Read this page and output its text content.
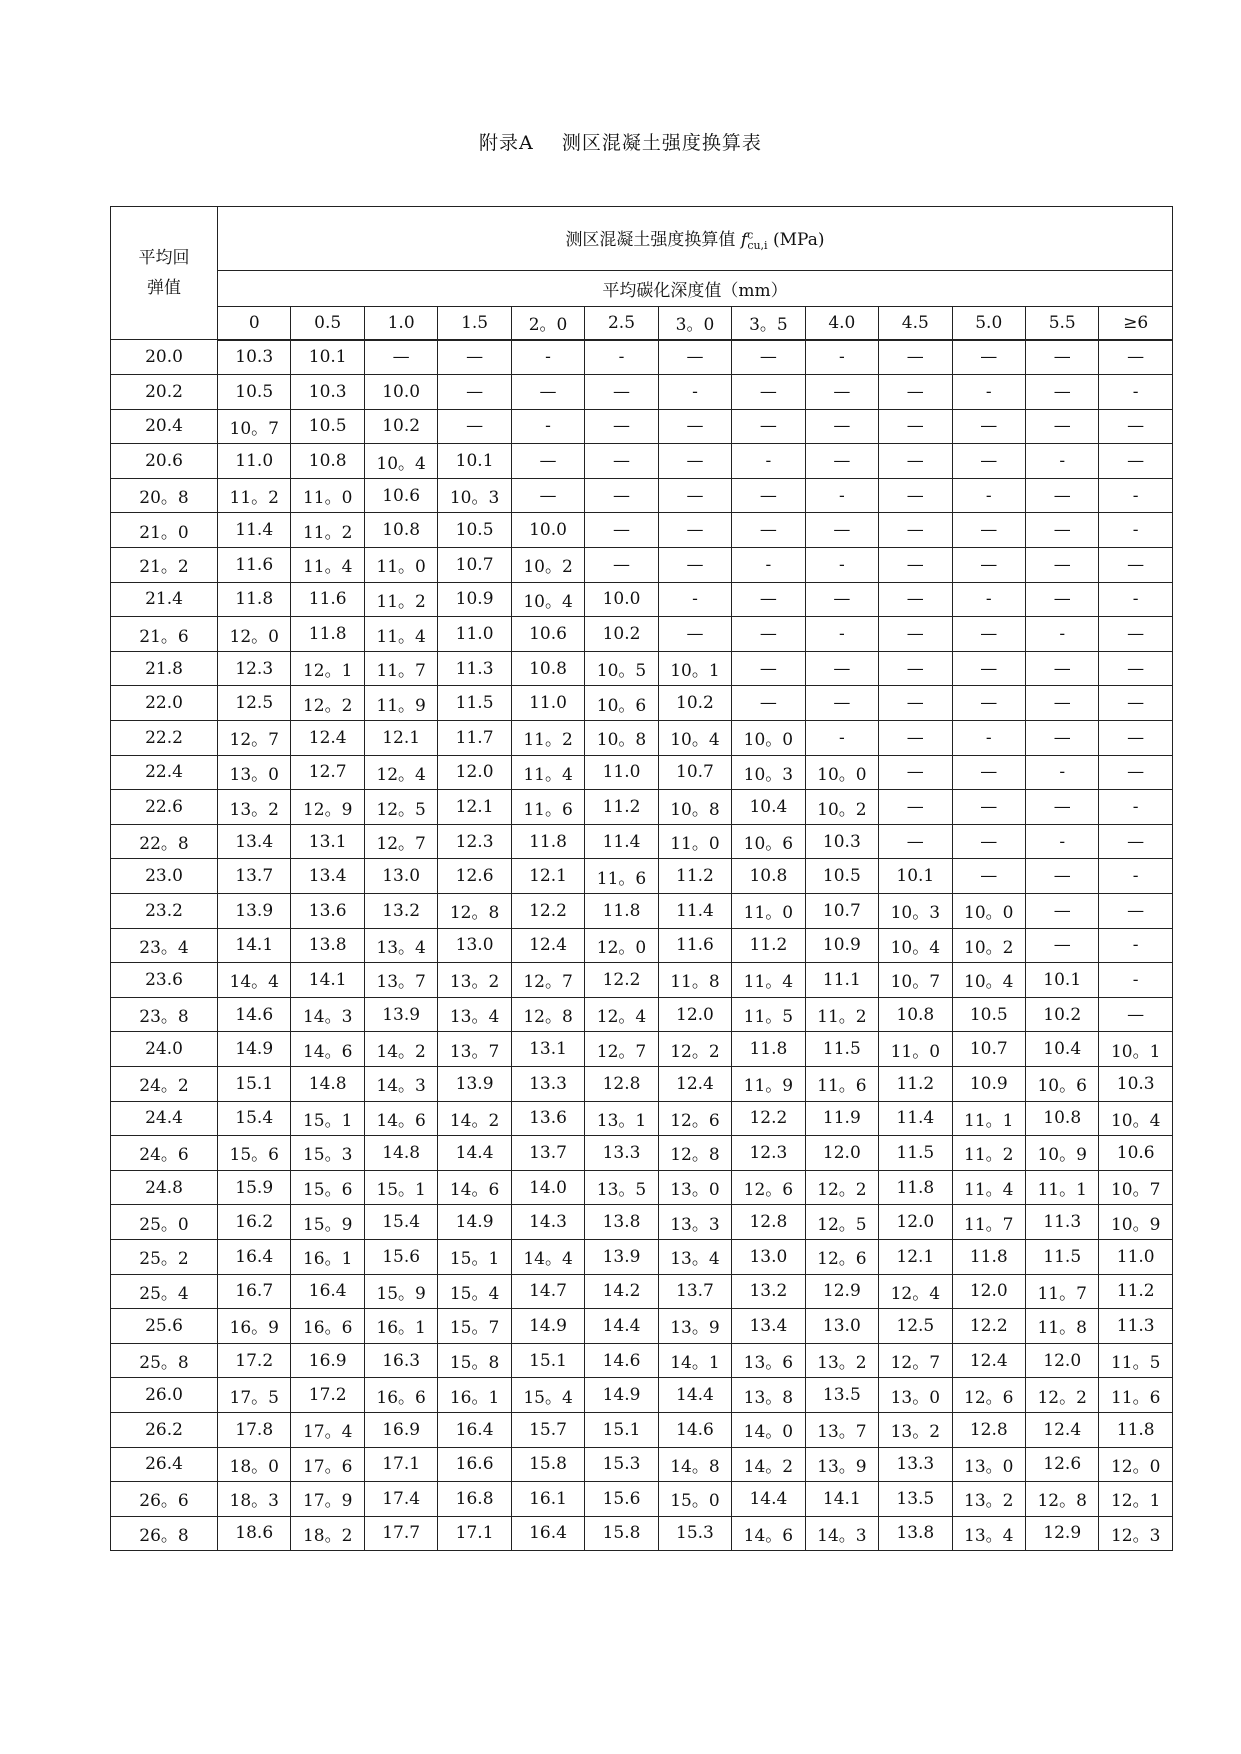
附录A    测区混凝土强度换算表
平均回
弹值	测区混凝土强度换算值 $f^c_{cu,i}$ (MPa)												
	平均碳化深度值（mm）												
	0	0.5	1.0	1.5	2。0	2.5	3。0	3。5	4.0	4.5	5.0	5.5	≥6
20.0	10.3	10.1	—	—	-	-	—	—	-	—	—	—	—
20.2	10.5	10.3	10.0	—	—	—	-	—	—	—	-	—	-
20.4	10。7	10.5	10.2	—	-	—	—	—	—	—	—	—	—
20.6	11.0	10.8	10。4	10.1	—	—	—	-	—	—	—	-	—
20。8	11。2	11。0	10.6	10。3	—	—	—	—	-	—	-	—	-
21。0	11.4	11。2	10.8	10.5	10.0	—	—	—	—	—	—	—	-
21。2	11.6	11。4	11。0	10.7	10。2	—	—	-	-	—	—	—	—
21.4	11.8	11.6	11。2	10.9	10。4	10.0	-	—	—	—	-	—	-
21。6	12。0	11.8	11。4	11.0	10.6	10.2	—	—	-	—	—	-	—
21.8	12.3	12。1	11。7	11.3	10.8	10。5	10。1	—	—	—	—	—	—
22.0	12.5	12。2	11。9	11.5	11.0	10。6	10.2	—	—	—	—	—	—
22.2	12。7	12.4	12.1	11.7	11。2	10。8	10。4	10。0	-	—	-	—	—
22.4	13。0	12.7	12。4	12.0	11。4	11.0	10.7	10。3	10。0	—	—	-	—
22.6	13。2	12。9	12。5	12.1	11。6	11.2	10。8	10.4	10。2	—	—	—	-
22。8	13.4	13.1	12。7	12.3	11.8	11.4	11。0	10。6	10.3	—	—	-	—
23.0	13.7	13.4	13.0	12.6	12.1	11。6	11.2	10.8	10.5	10.1	—	—	-
23.2	13.9	13.6	13.2	12。8	12.2	11.8	11.4	11。0	10.7	10。3	10。0	—	—
23。4	14.1	13.8	13。4	13.0	12.4	12。0	11.6	11.2	10.9	10。4	10。2	—	-
23.6	14。4	14.1	13。7	13。2	12。7	12.2	11。8	11。4	11.1	10。7	10。4	10.1	-
23。8	14.6	14。3	13.9	13。4	12。8	12。4	12.0	11。5	11。2	10.8	10.5	10.2	—
24.0	14.9	14。6	14。2	13。7	13.1	12。7	12。2	11.8	11.5	11。0	10.7	10.4	10。1
24。2	15.1	14.8	14。3	13.9	13.3	12.8	12.4	11。9	11。6	11.2	10.9	10。6	10.3
24.4	15.4	15。1	14。6	14。2	13.6	13。1	12。6	12.2	11.9	11.4	11。1	10.8	10。4
24。6	15。6	15。3	14.8	14.4	13.7	13.3	12。8	12.3	12.0	11.5	11。2	10。9	10.6
24.8	15.9	15。6	15。1	14。6	14.0	13。5	13。0	12。6	12。2	11.8	11。4	11。1	10。7
25。0	16.2	15。9	15.4	14.9	14.3	13.8	13。3	12.8	12。5	12.0	11。7	11.3	10。9
25。2	16.4	16。1	15.6	15。1	14。4	13.9	13。4	13.0	12。6	12.1	11.8	11.5	11.0
25。4	16.7	16.4	15。9	15。4	14.7	14.2	13.7	13.2	12.9	12。4	12.0	11。7	11.2
25.6	16。9	16。6	16。1	15。7	14.9	14.4	13。9	13.4	13.0	12.5	12.2	11。8	11.3
25。8	17.2	16.9	16.3	15。8	15.1	14.6	14。1	13。6	13。2	12。7	12.4	12.0	11。5
26.0	17。5	17.2	16。6	16。1	15。4	14.9	14.4	13。8	13.5	13。0	12。6	12。2	11。6
26.2	17.8	17。4	16.9	16.4	15.7	15.1	14.6	14。0	13。7	13。2	12.8	12.4	11.8
26.4	18。0	17。6	17.1	16.6	15.8	15.3	14。8	14。2	13。9	13.3	13。0	12.6	12。0
26。6	18。3	17。9	17.4	16.8	16.1	15.6	15。0	14.4	14.1	13.5	13。2	12。8	12。1
26。8	18.6	18。2	17.7	17.1	16.4	15.8	15.3	14。6	14。3	13.8	13。4	12.9	12。3
